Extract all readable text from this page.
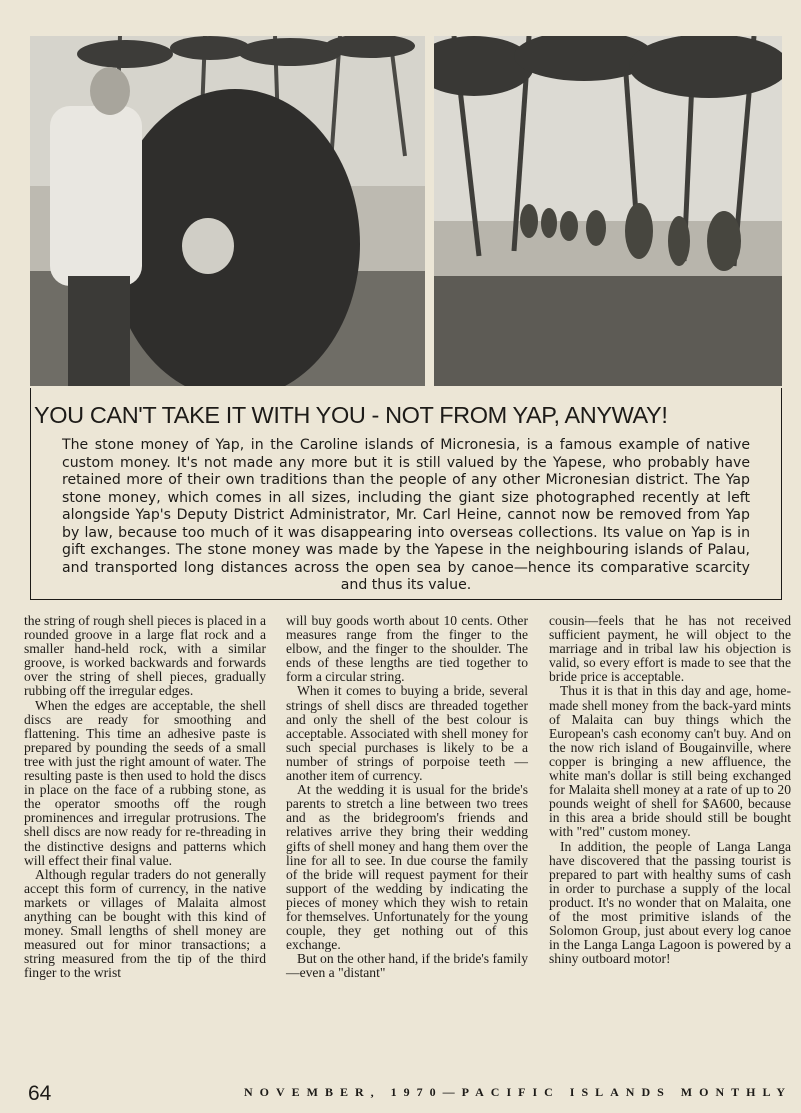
YOU CAN'T TAKE IT WITH YOU - NOT FROM YAP, ANYWAY!
The stone money of Yap, in the Caroline islands of Micronesia, is a famous example of native custom money. It's not made any more but it is still valued by the Yapese, who probably have retained more of their own traditions than the people of any other Micronesian district. The Yap stone money, which comes in all sizes, including the giant size photographed recently at left alongside Yap's Deputy District Administrator, Mr. Carl Heine, cannot now be removed from Yap by law, because too much of it was disappearing into overseas collections. Its value on Yap is in gift exchanges. The stone money was made by the Yapese in the neighbouring islands of Palau, and transported long distances across the open sea by canoe—hence its comparative scarcity and thus its value.

the string of rough shell pieces is placed in a rounded groove in a large flat rock and a smaller hand-held rock, with a similar groove, is worked backwards and forwards over the string of shell pieces, gradually rubbing off the irregular edges.

When the edges are acceptable, the shell discs are ready for smoothing and flattening. This time an adhesive paste is prepared by pounding the seeds of a small tree with just the right amount of water. The resulting paste is then used to hold the discs in place on the face of a rubbing stone, as the operator smooths off the rough prominences and irregular protrusions. The shell discs are now ready for re-threading in the distinctive designs and patterns which will effect their final value.

Although regular traders do not generally accept this form of currency, in the native markets or villages of Malaita almost anything can be bought with this kind of money. Small lengths of shell money are measured out for minor transactions; a string measured from the tip of the third finger to the wrist

will buy goods worth about 10 cents. Other measures range from the finger to the elbow, and the finger to the shoulder. The ends of these lengths are tied together to form a circular string.

When it comes to buying a bride, several strings of shell discs are threaded together and only the shell of the best colour is acceptable. Associated with shell money for such special purchases is likely to be a number of strings of porpoise teeth — another item of currency.

At the wedding it is usual for the bride's parents to stretch a line between two trees and as the bridegroom's friends and relatives arrive they bring their wedding gifts of shell money and hang them over the line for all to see. In due course the family of the bride will request payment for their support of the wedding by indicating the pieces of money which they wish to retain for themselves. Unfortunately for the young couple, they get nothing out of this exchange.

But on the other hand, if the bride's family—even a "distant"

cousin—feels that he has not received sufficient payment, he will object to the marriage and in tribal law his objection is valid, so every effort is made to see that the bride price is acceptable.

Thus it is that in this day and age, home-made shell money from the back-yard mints of Malaita can buy things which the European's cash economy can't buy. And on the now rich island of Bougainville, where copper is bringing a new affluence, the white man's dollar is still being exchanged for Malaita shell money at a rate of up to 20 pounds weight of shell for $A600, because in this area a bride should still be bought with "red" custom money.

In addition, the people of Langa Langa have discovered that the passing tourist is prepared to part with healthy sums of cash in order to purchase a supply of the local product. It's no wonder that on Malaita, one of the most primitive islands of the Solomon Group, just about every log canoe in the Langa Langa Lagoon is powered by a shiny outboard motor!

64	NOVEMBER, 1970—PACIFIC ISLANDS MONTHLY
